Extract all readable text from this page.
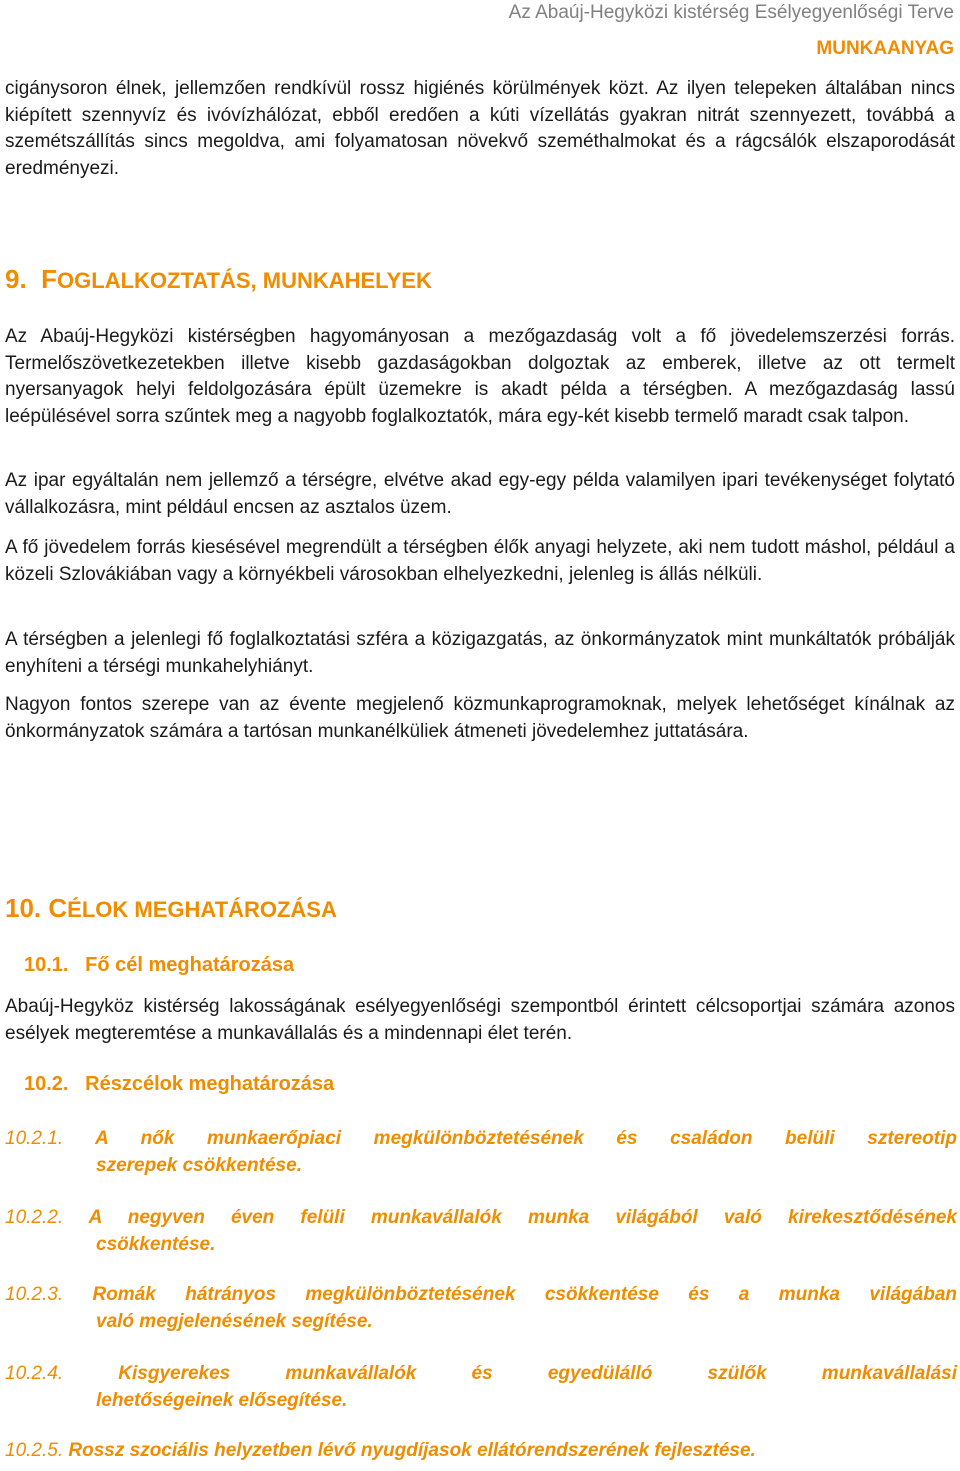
Az Abaúj-Hegyközi kistérség Esélyegyenlőségi Terve
MUNKAANYAG

cigánysoron élnek, jellemzően rendkívül rossz higiénés körülmények közt. Az ilyen telepeken általában nincs kiépített szennyvíz és ivóvízhálózat, ebből eredően a kúti vízellátás gyakran nitrát szennyezett, továbbá a szemétszállítás sincs megoldva, ami folyamatosan növekvő szeméthalmokat és a rágcsálók elszaporodását eredményezi.

9. FOGLALKOZTATÁS, MUNKAHELYEK

Az Abaúj-Hegyközi kistérségben hagyományosan a mezőgazdaság volt a fő jövedelemszerzési forrás. Termelőszövetkezetekben illetve kisebb gazdaságokban dolgoztak az emberek, illetve az ott termelt nyersanyagok helyi feldolgozására épült üzemekre is akadt példa a térségben. A mezőgazdaság lassú leépülésével sorra szűntek meg a nagyobb foglalkoztatók, mára egy-két kisebb termelő maradt csak talpon.

Az ipar egyáltalán nem jellemző a térségre, elvétve akad egy-egy példa valamilyen ipari tevékenységet folytató vállalkozásra, mint például encsen az asztalos üzem.

A fő jövedelem forrás kiesésével megrendült a térségben élők anyagi helyzete, aki nem tudott máshol, például a közeli Szlovákiában vagy a környékbeli városokban elhelyezkedni, jelenleg is állás nélküli.

A térségben a jelenlegi fő foglalkoztatási szféra a közigazgatás, az önkormányzatok mint munkáltatók próbálják enyhíteni a térségi munkahelyhiányt.

Nagyon fontos szerepe van az évente megjelenő közmunkaprogramoknak, melyek lehetőséget kínálnak az önkormányzatok számára a tartósan munkanélküliek átmeneti jövedelemhez juttatására.

10. CÉLOK MEGHATÁROZÁSA
10.1. Fő cél meghatározása

Abaúj-Hegyköz kistérség lakosságának esélyegyenlőségi szempontból érintett célcsoportjai számára azonos esélyek megteremtése a munkavállalás és a mindennapi élet terén.

10.2. Részcélok meghatározása
10.2.1. A nők munkaerőpiaci megkülönböztetésének és családon belüli sztereotip
szerepek csökkentése.
10.2.2. A negyven éven felüli munkavállalók munka világából való kirekesztődésének
csökkentése.
10.2.3. Romák hátrányos megkülönböztetésének csökkentése és a munka világában
való megjelenésének segítése.
10.2.4.	Kisgyerekes munkavállalók és egyedülálló szülők munkavállalási
lehetőségeinek elősegítése.
10.2.5. Rossz szociális helyzetben lévő nyugdíjasok ellátórendszerének fejlesztése.
